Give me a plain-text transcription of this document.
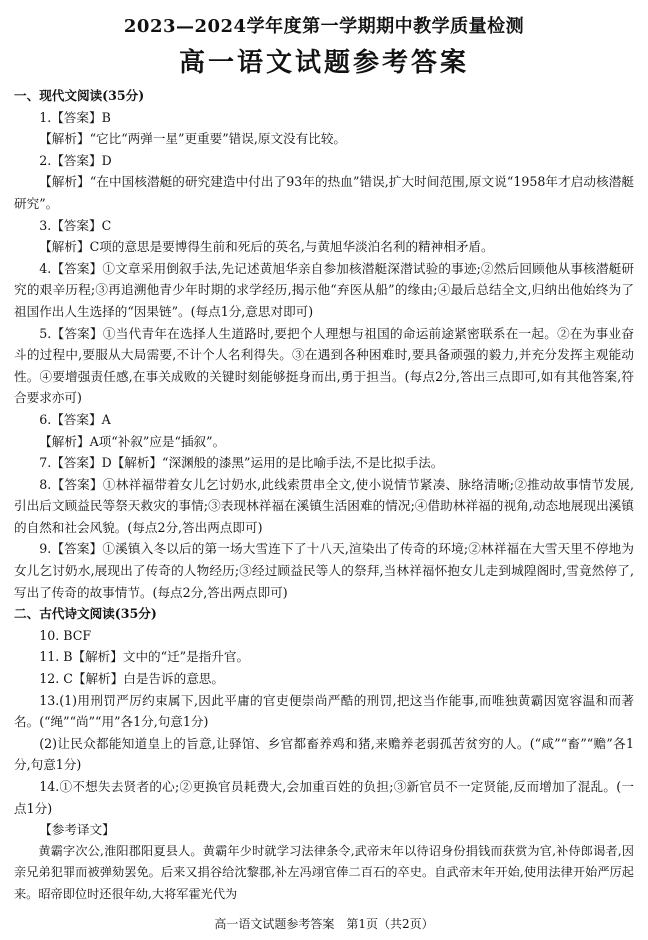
2023—2024学年度第一学期期中教学质量检测
高一语文试题参考答案

一、现代文阅读(35分)

1.【答案】B

【解析】“它比“两弹一星”更重要”错误,原文没有比较。

2.【答案】D

【解析】“在中国核潜艇的研究建造中付出了93年的热血”错误,扩大时间范围,原文说“1958年才启动核潜艇研究”。

3.【答案】C

【解析】C项的意思是要博得生前和死后的英名,与黄旭华淡泊名利的精神相矛盾。

4.【答案】①文章采用倒叙手法,先记述黄旭华亲自参加核潜艇深潜试验的事迹;②然后回顾他从事核潜艇研究的艰辛历程;③再追溯他青少年时期的求学经历,揭示他“弃医从船”的缘由;④最后总结全文,归纳出他始终为了祖国作出人生选择的“因果链”。(每点1分,意思对即可)

5.【答案】①当代青年在选择人生道路时,要把个人理想与祖国的命运前途紧密联系在一起。②在为事业奋斗的过程中,要服从大局需要,不计个人名利得失。③在遇到各种困难时,要具备顽强的毅力,并充分发挥主观能动性。④要增强责任感,在事关成败的关键时刻能够挺身而出,勇于担当。(每点2分,答出三点即可,如有其他答案,符合要求亦可)

6.【答案】A

【解析】A项“补叙”应是“插叙”。

7.【答案】D【解析】“深渊般的漆黑”运用的是比喻手法,不是比拟手法。

8.【答案】①林祥福带着女儿乞讨奶水,此线索贯串全文,使小说情节紧凑、脉络清晰;②推动故事情节发展,引出后文顾益民等祭天救灾的事情;③表现林祥福在溪镇生活困难的情况;④借助林祥福的视角,动态地展现出溪镇的自然和社会风貌。(每点2分,答出两点即可)

9.【答案】①溪镇入冬以后的第一场大雪连下了十八天,渲染出了传奇的环境;②林祥福在大雪天里不停地为女儿乞讨奶水,展现出了传奇的人物经历;③经过顾益民等人的祭拜,当林祥福怀抱女儿走到城隍阁时,雪竟然停了,写出了传奇的故事情节。(每点2分,答出两点即可)

二、古代诗文阅读(35分)

10. BCF

11. B【解析】文中的“迁”是指升官。

12. C【解析】白是告诉的意思。

13.(1)用刑罚严厉约束属下,因此平庸的官吏便崇尚严酷的刑罚,把这当作能事,而唯独黄霸因宽容温和而著名。(“绳”“尚”“用”各1分,句意1分)

(2)让民众都能知道皇上的旨意,让驿馆、乡官都畜养鸡和猪,来赡养老弱孤苦贫穷的人。(“咸”“畜”“赡”各1分,句意1分)

14.①不想失去贤者的心;②更换官员耗费大,会加重百姓的负担;③新官员不一定贤能,反而增加了混乱。(一点1分)

【参考译文】

黄霸字次公,淮阳郡阳夏县人。黄霸年少时就学习法律条令,武帝末年以待诏身份捐钱而获赏为官,补侍郎谒者,因亲兄弟犯罪而被弹劾罢免。后来又捐谷给沈黎郡,补左冯翊官俸二百石的卒史。自武帝末年开始,使用法律开始严厉起来。昭帝即位时还很年幼,大将军霍光代为

高一语文试题参考答案　第1页（共2页）
